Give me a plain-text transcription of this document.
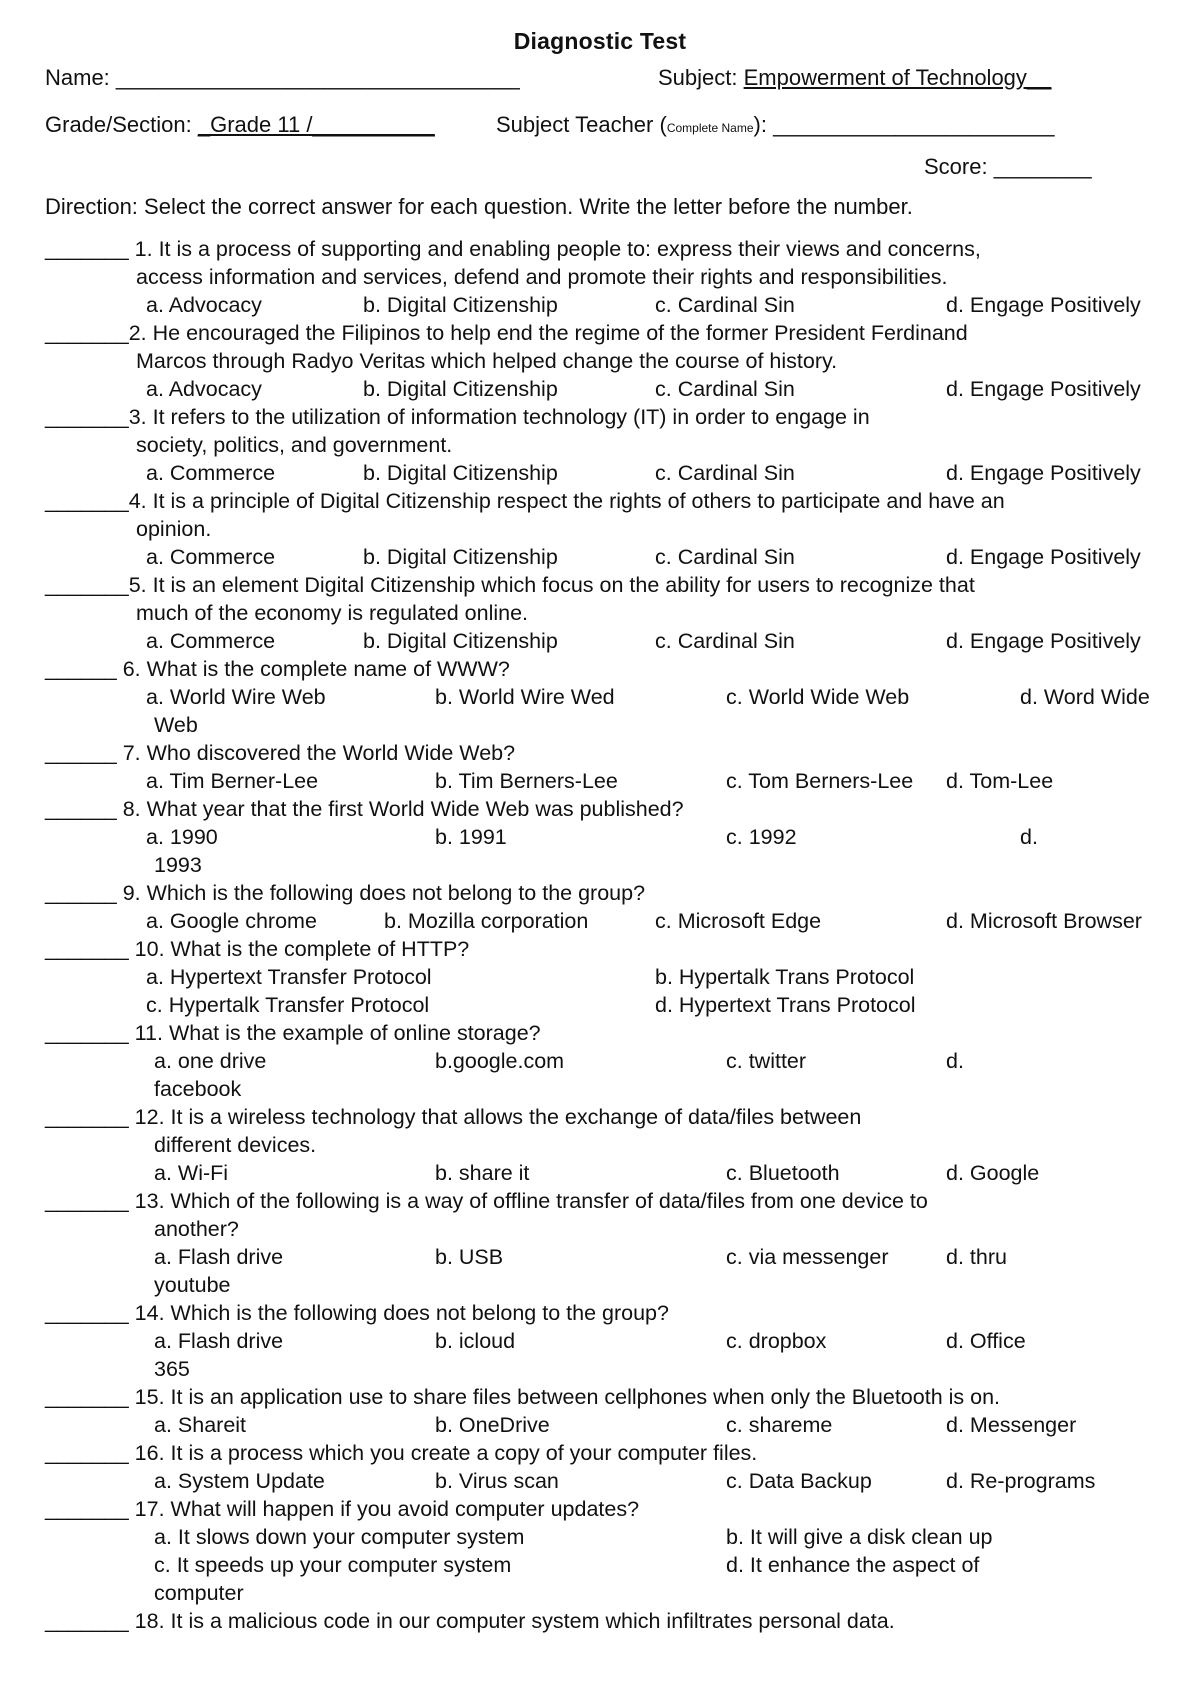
Diagnostic Test
Name: _________________________________	Subject: Empowerment of Technology__
Grade/Section: _Grade 11 /__________	Subject Teacher (Complete Name): _______________________
Score: ________
Direction: Select the correct answer for each question. Write the letter before the number.
_______ 1. It is a process of supporting and enabling people to: express their views and concerns,
access information and services, defend and promote their rights and responsibilities.
a. Advocacy	b. Digital Citizenship	c. Cardinal Sin	d. Engage Positively
_______2. He encouraged the Filipinos to help end the regime of the former President Ferdinand
Marcos through Radyo Veritas which helped change the course of history.
a. Advocacy	b. Digital Citizenship	c. Cardinal Sin	d. Engage Positively
_______3. It refers to the utilization of information technology (IT) in order to engage in
society, politics, and government.
a. Commerce	b. Digital Citizenship	c. Cardinal Sin	d. Engage Positively
_______4. It is a principle of Digital Citizenship respect the rights of others to participate and have an
opinion.
a. Commerce	b. Digital Citizenship	c. Cardinal Sin	d. Engage Positively
_______5. It is an element Digital Citizenship which focus on the ability for users to recognize that
much of the economy is regulated online.
a. Commerce	b. Digital Citizenship	c. Cardinal Sin	d. Engage Positively
______ 6. What is the complete name of WWW?
a. World Wire Web	b. World Wire Wed	c. World Wide Web	d. Word Wide
Web
______ 7. Who discovered the World Wide Web?
a. Tim Berner-Lee	b. Tim Berners-Lee	c. Tom Berners-Lee d. Tom-Lee
______ 8. What year that the first World Wide Web was published?
a. 1990	b. 1991	c. 1992	d.
1993
______ 9. Which is the following does not belong to the group?
a. Google chrome	b. Mozilla corporation	c. Microsoft Edge	d. Microsoft Browser
_______ 10. What is the complete of HTTP?
a. Hypertext Transfer Protocol	b. Hypertalk Trans Protocol
c. Hypertalk Transfer Protocol	d. Hypertext Trans Protocol
_______ 11. What is the example of online storage?
a. one drive	b.google.com	c. twitter	d.
facebook
_______ 12. It is a wireless technology that allows the exchange of data/files between
different devices.
a. Wi-Fi	b. share it	c. Bluetooth	d. Google
_______ 13. Which of the following is a way of offline transfer of data/files from one device to
another?
a. Flash drive	b. USB	c. via messenger	d. thru
youtube
_______ 14. Which is the following does not belong to the group?
a. Flash drive	b. icloud	c. dropbox	d. Office
365
_______ 15. It is an application use to share files between cellphones when only the Bluetooth is on.
a. Shareit	b. OneDrive	c. shareme	d. Messenger
_______ 16. It is a process which you create a copy of your computer files.
a. System Update	b. Virus scan	c. Data Backup	d. Re-programs
_______ 17. What will happen if you avoid computer updates?
a. It slows down your computer system	b. It will give a disk clean up
c. It speeds up your computer system	d. It enhance the aspect of
computer
_______ 18. It is a malicious code in our computer system which infiltrates personal data.
